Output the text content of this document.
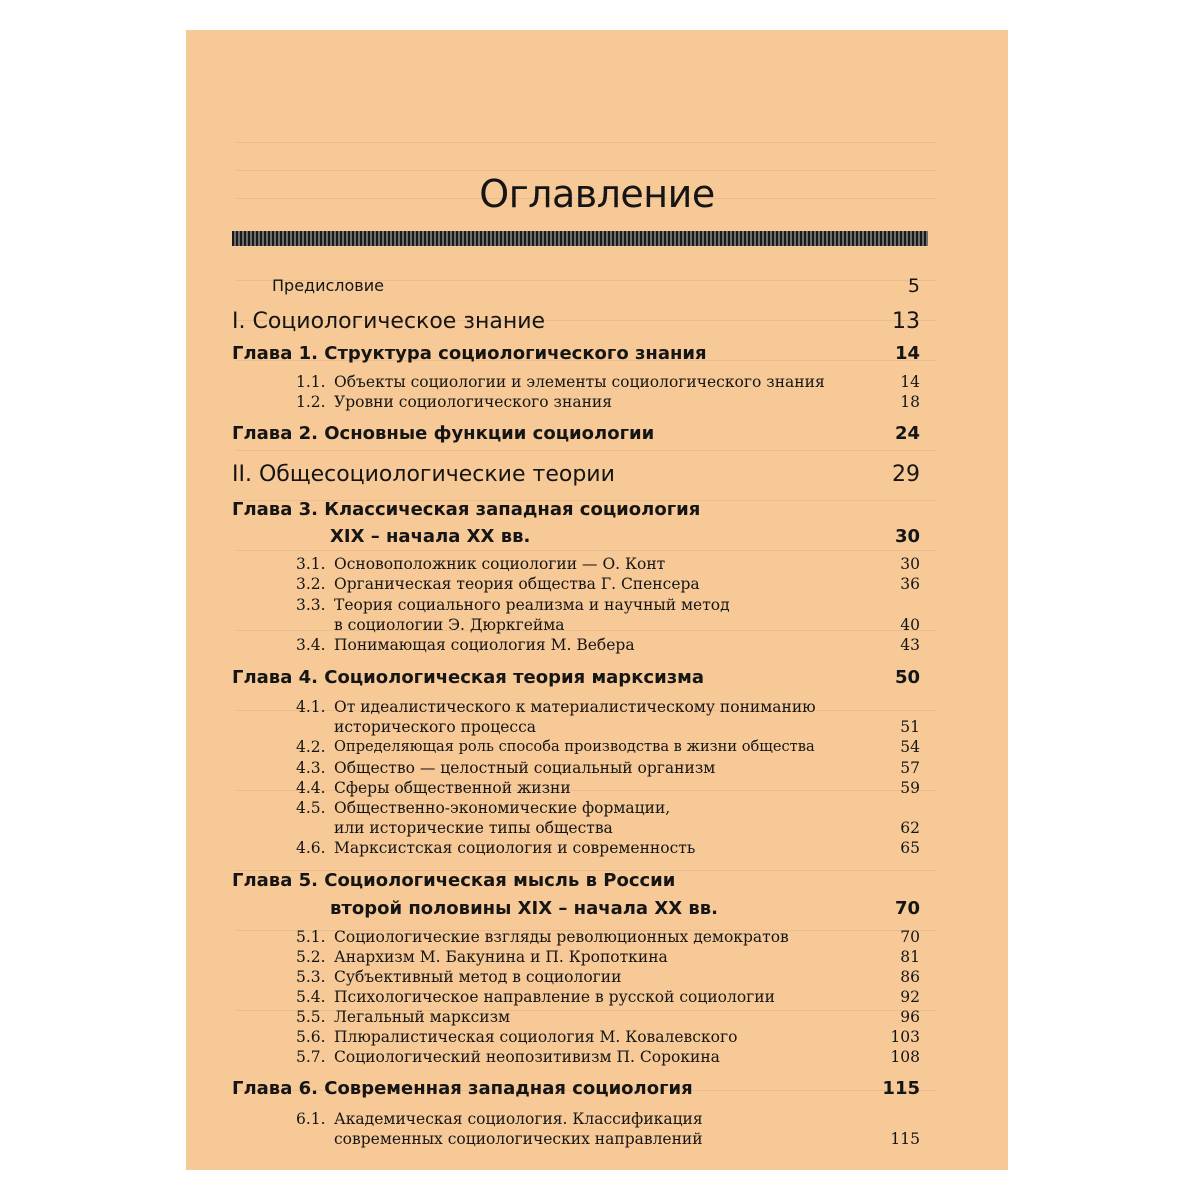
Оглавление
Предисловие	5
I. Социологическое знание	13
Глава 1. Структура социологического знания	14
1.1. Объекты социологии и элементы социологического знания	14
1.2. Уровни социологического знания	18
Глава 2. Основные функции социологии	24
II. Общесоциологические теории	29
Глава 3. Классическая западная социология
XIX – начала XX вв.	30
3.1. Основоположник социологии — О. Конт	30
3.2. Органическая теория общества Г. Спенсера	36
3.3. Теория социального реализма и научный метод
в социологии Э. Дюркгейма	40
3.4. Понимающая социология М. Вебера	43
Глава 4. Социологическая теория марксизма	50
4.1. От идеалистического к материалистическому пониманию
исторического процесса	51
4.2. Определяющая роль способа производства в жизни общества	54
4.3. Общество — целостный социальный организм	57
4.4. Сферы общественной жизни	59
4.5. Общественно-экономические формации,
или исторические типы общества	62
4.6. Марксистская социология и современность	65
Глава 5. Социологическая мысль в России
второй половины XIX – начала XX вв.	70
5.1. Социологические взгляды революционных демократов	70
5.2. Анархизм М. Бакунина и П. Кропоткина	81
5.3. Субъективный метод в социологии	86
5.4. Психологическое направление в русской социологии	92
5.5. Легальный марксизм	96
5.6. Плюралистическая социология М. Ковалевского	103
5.7. Социологический неопозитивизм П. Сорокина	108
Глава 6. Современная западная социология	115
6.1. Академическая социология. Классификация
современных социологических направлений	115
